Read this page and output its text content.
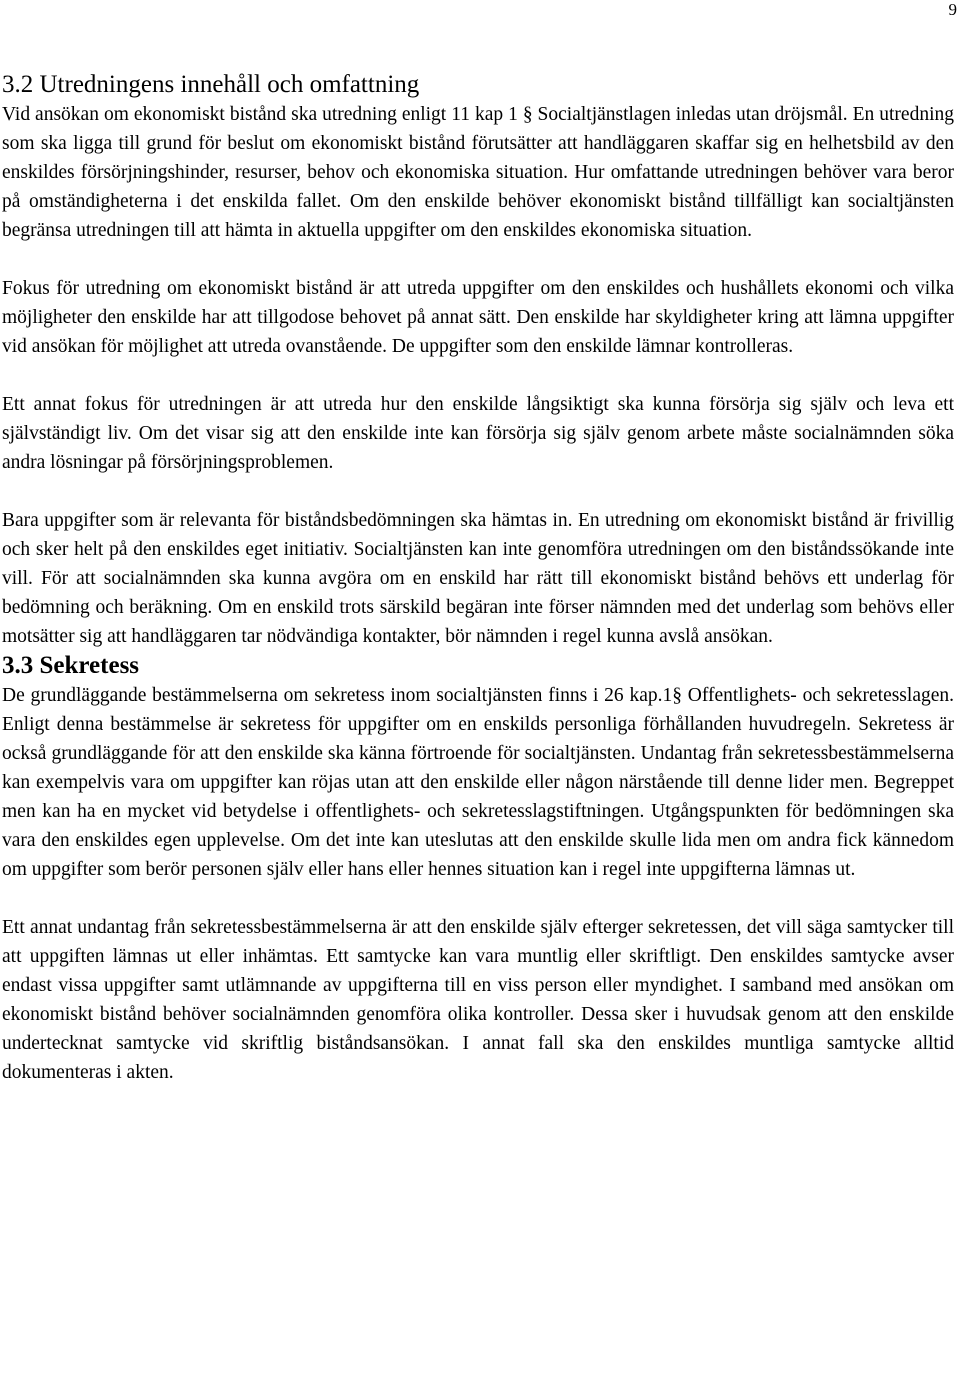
9
3.2 Utredningens innehåll och omfattning

Vid ansökan om ekonomiskt bistånd ska utredning enligt 11 kap 1 § Socialtjänstlagen inledas utan dröjsmål. En utredning som ska ligga till grund för beslut om ekonomiskt bistånd förutsätter att handläggaren skaffar sig en helhetsbild av den enskildes försörjningshinder, resurser, behov och ekonomiska situation. Hur omfattande utredningen behöver vara beror på omständigheterna i det enskilda fallet. Om den enskilde behöver ekonomiskt bistånd tillfälligt kan socialtjänsten begränsa utredningen till att hämta in aktuella uppgifter om den enskildes ekonomiska situation.

Fokus för utredning om ekonomiskt bistånd är att utreda uppgifter om den enskildes och hushållets ekonomi och vilka möjligheter den enskilde har att tillgodose behovet på annat sätt. Den enskilde har skyldigheter kring att lämna uppgifter vid ansökan för möjlighet att utreda ovanstående. De uppgifter som den enskilde lämnar kontrolleras.

Ett annat fokus för utredningen är att utreda hur den enskilde långsiktigt ska kunna försörja sig själv och leva ett självständigt liv. Om det visar sig att den enskilde inte kan försörja sig själv genom arbete måste socialnämnden söka andra lösningar på försörjningsproblemen.

Bara uppgifter som är relevanta för biståndsbedömningen ska hämtas in. En utredning om ekonomiskt bistånd är frivillig och sker helt på den enskildes eget initiativ. Socialtjänsten kan inte genomföra utredningen om den biståndssökande inte vill. För att socialnämnden ska kunna avgöra om en enskild har rätt till ekonomiskt bistånd behövs ett underlag för bedömning och beräkning. Om en enskild trots särskild begäran inte förser nämnden med det underlag som behövs eller motsätter sig att handläggaren tar nödvändiga kontakter, bör nämnden i regel kunna avslå ansökan.

3.3 Sekretess

De grundläggande bestämmelserna om sekretess inom socialtjänsten finns i 26 kap.1§ Offentlighets- och sekretesslagen. Enligt denna bestämmelse är sekretess för uppgifter om en enskilds personliga förhållanden huvudregeln. Sekretess är också grundläggande för att den enskilde ska känna förtroende för socialtjänsten. Undantag från sekretessbestämmelserna kan exempelvis vara om uppgifter kan röjas utan att den enskilde eller någon närstående till denne lider men. Begreppet men kan ha en mycket vid betydelse i offentlighets- och sekretesslagstiftningen. Utgångspunkten för bedömningen ska vara den enskildes egen upplevelse. Om det inte kan uteslutas att den enskilde skulle lida men om andra fick kännedom om uppgifter som berör personen själv eller hans eller hennes situation kan i regel inte uppgifterna lämnas ut.

Ett annat undantag från sekretessbestämmelserna är att den enskilde själv efterger sekretessen, det vill säga samtycker till att uppgiften lämnas ut eller inhämtas. Ett samtycke kan vara muntlig eller skriftligt. Den enskildes samtycke avser endast vissa uppgifter samt utlämnande av uppgifterna till en viss person eller myndighet. I samband med ansökan om ekonomiskt bistånd behöver socialnämnden genomföra olika kontroller. Dessa sker i huvudsak genom att den enskilde undertecknat samtycke vid skriftlig biståndsansökan. I annat fall ska den enskildes muntliga samtycke alltid dokumenteras i akten.
